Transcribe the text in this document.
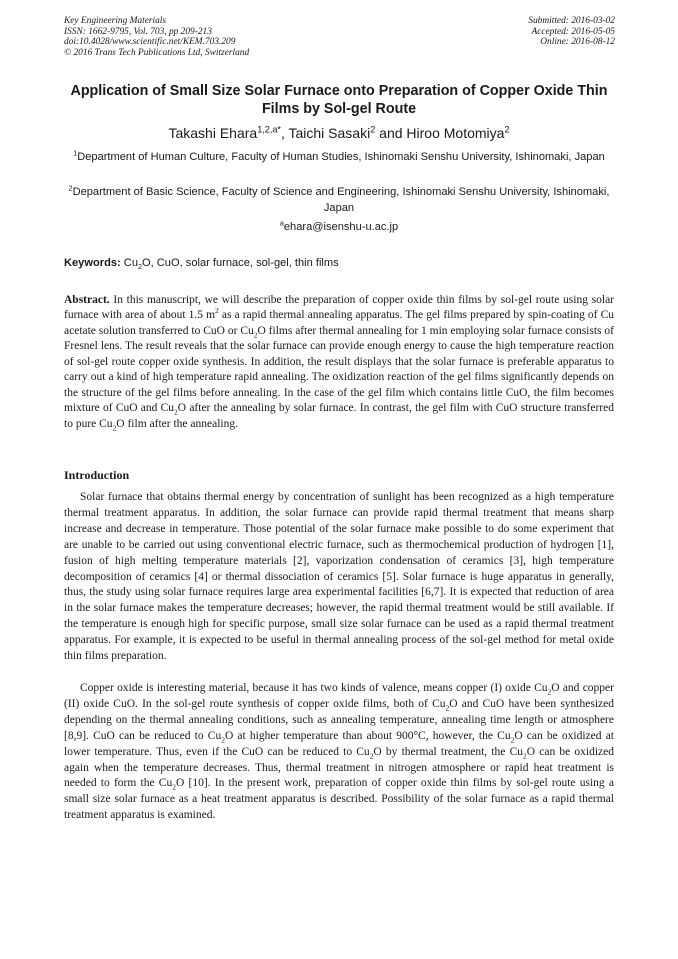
Key Engineering Materials
ISSN: 1662-9795, Vol. 703, pp 209-213
doi:10.4028/www.scientific.net/KEM.703.209
© 2016 Trans Tech Publications Ltd, Switzerland
Submitted: 2016-03-02
Accepted: 2016-05-05
Online: 2016-08-12
Application of Small Size Solar Furnace onto Preparation of Copper Oxide Thin Films by Sol-gel Route
Takashi Ehara$^{1,2,a*}$, Taichi Sasaki$^2$ and Hiroo Motomiya$^2$
$^1$Department of Human Culture, Faculty of Human Studies, Ishinomaki Senshu University, Ishinomaki, Japan
$^2$Department of Basic Science, Faculty of Science and Engineering, Ishinomaki Senshu University, Ishinomaki, Japan
$^a$ehara@isenshu-u.ac.jp
Keywords: $Cu_2O$, CuO, solar furnace, sol-gel, thin films

Abstract. In this manuscript, we will describe the preparation of copper oxide thin films by sol-gel route using solar furnace with area of about 1.5 $m^2$ as a rapid thermal annealing apparatus. The gel films prepared by spin-coating of Cu acetate solution transferred to CuO or $Cu_2O$ films after thermal annealing for 1 min employing solar furnace consists of Fresnel lens. The result reveals that the solar furnace can provide enough energy to cause the high temperature reaction of sol-gel route copper oxide synthesis. In addition, the result displays that the solar furnace is preferable apparatus to carry out a kind of high temperature rapid annealing. The oxidization reaction of the gel films significantly depends on the structure of the gel films before annealing. In the case of the gel film which contains little CuO, the film becomes mixture of CuO and $Cu_2O$ after the annealing by solar furnace. In contrast, the gel film with CuO structure transferred to pure $Cu_2O$ film after the annealing.

Introduction

Solar furnace that obtains thermal energy by concentration of sunlight has been recognized as a high temperature thermal treatment apparatus. In addition, the solar furnace can provide rapid thermal treatment that means sharp increase and decrease in temperature. Those potential of the solar furnace make possible to do some experiment that are unable to be carried out using conventional electric furnace, such as thermochemical production of hydrogen [1], fusion of high melting temperature materials [2], vaporization condensation of ceramics [3], high temperature decomposition of ceramics [4] or thermal dissociation of ceramics [5]. Solar furnace is huge apparatus in generally, thus, the study using solar furnace requires large area experimental facilities [6,7]. It is expected that reduction of area in the solar furnace makes the temperature decreases; however, the rapid thermal treatment would be still available. If the temperature is enough high for specific purpose, small size solar furnace can be used as a rapid thermal treatment apparatus. For example, it is expected to be useful in thermal annealing process of the sol-gel method for metal oxide thin films preparation.

Copper oxide is interesting material, because it has two kinds of valence, means copper (I) oxide $Cu_2O$ and copper (II) oxide CuO. In the sol-gel route synthesis of copper oxide films, both of $Cu_2O$ and CuO have been synthesized depending on the thermal annealing conditions, such as annealing temperature, annealing time length or atmosphere [8,9]. CuO can be reduced to $Cu_2O$ at higher temperature than about 900°C, however, the $Cu_2O$ can be oxidized at lower temperature. Thus, even if the CuO can be reduced to $Cu_2O$ by thermal treatment, the $Cu_2O$ can be oxidized again when the temperature decreases. Thus, thermal treatment in nitrogen atmosphere or rapid heat treatment is needed to form the $Cu_2O$ [10]. In the present work, preparation of copper oxide thin films by sol-gel route using a small size solar furnace as a heat treatment apparatus is described. Possibility of the solar furnace as a rapid thermal treatment apparatus is examined.
